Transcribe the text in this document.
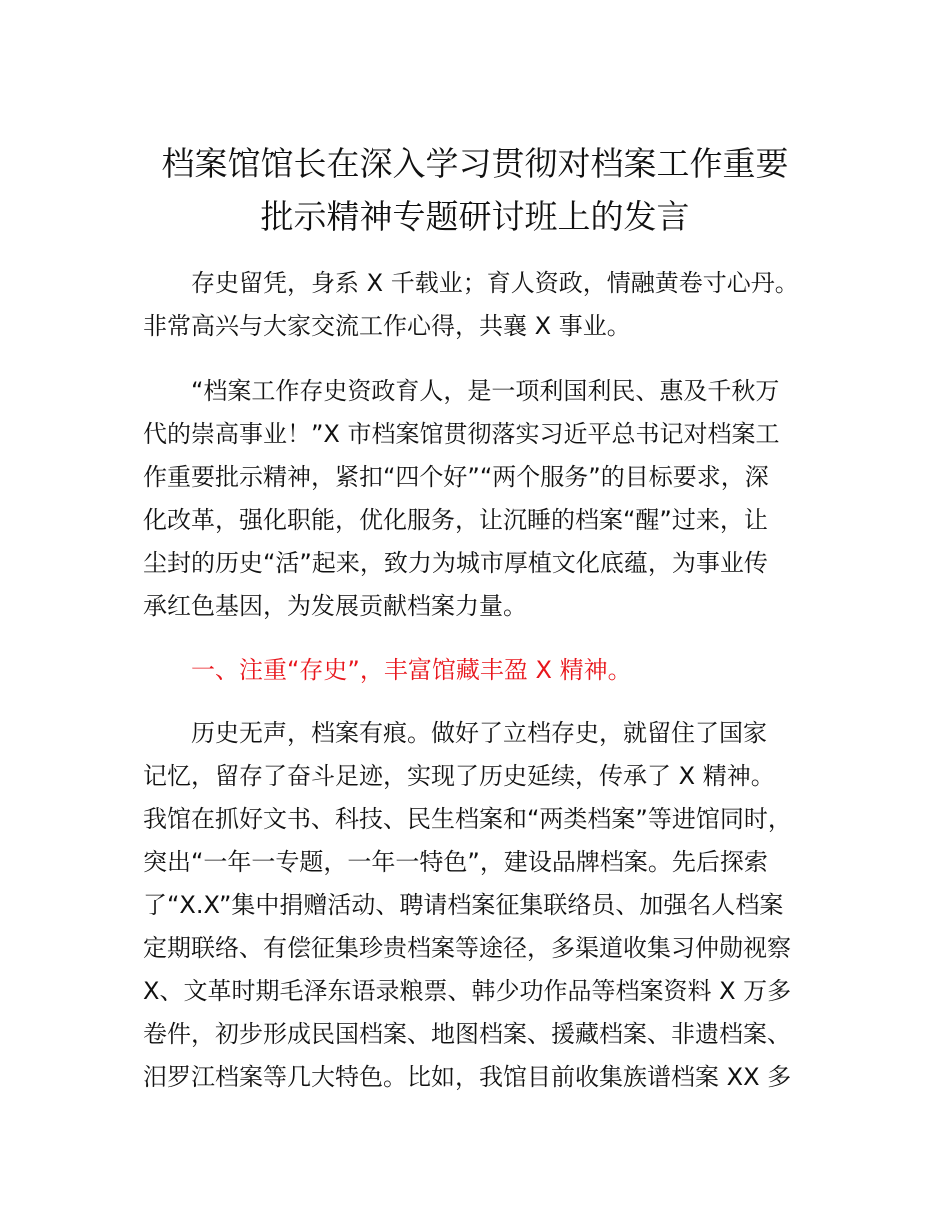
档案馆馆长在深入学习贯彻对档案工作重要
批示精神专题研讨班上的发言
存史留凭，身系 X 千载业；育人资政，情融黄卷寸心丹。
非常高兴与大家交流工作心得，共襄 X 事业。
“档案工作存史资政育人，是一项利国利民、惠及千秋万
代的崇高事业！”X 市档案馆贯彻落实习近平总书记对档案工
作重要批示精神，紧扣“四个好”“两个服务”的目标要求，深
化改革，强化职能，优化服务，让沉睡的档案“醒”过来，让
尘封的历史“活”起来，致力为城市厚植文化底蕴，为事业传
承红色基因，为发展贡献档案力量。
一、注重“存史”，丰富馆藏丰盈 X 精神。
历史无声，档案有痕。做好了立档存史，就留住了国家
记忆，留存了奋斗足迹，实现了历史延续，传承了 X 精神。
我馆在抓好文书、科技、民生档案和“两类档案”等进馆同时，
突出“一年一专题，一年一特色”，建设品牌档案。先后探索
了“X.X”集中捐赠活动、聘请档案征集联络员、加强名人档案
定期联络、有偿征集珍贵档案等途径，多渠道收集习仲勋视察
X、文革时期毛泽东语录粮票、韩少功作品等档案资料 X 万多
卷件，初步形成民国档案、地图档案、援藏档案、非遗档案、
汨罗江档案等几大特色。比如，我馆目前收集族谱档案 XX 多
